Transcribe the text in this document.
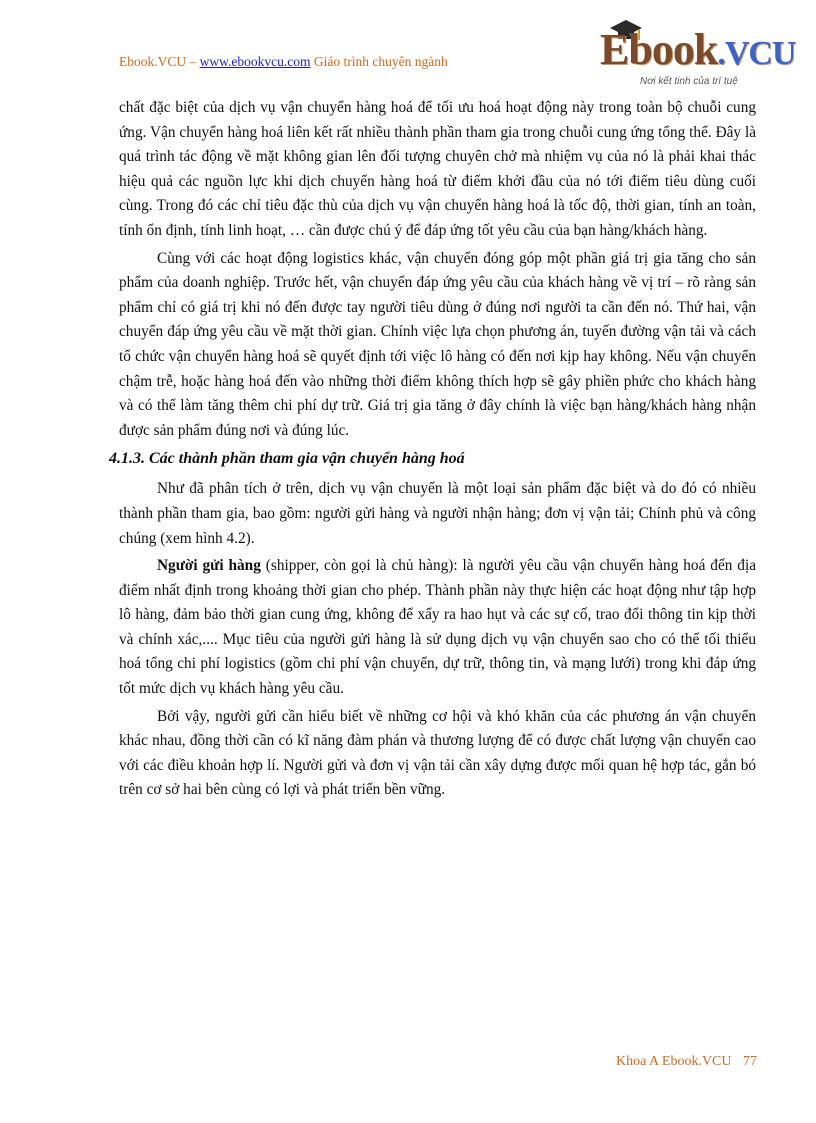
Ebook.VCU – www.ebookvcu.com Giáo trình chuyên ngành	Ebook.VCU
Nơi kết tinh của trí tuệ

chất đặc biệt của dịch vụ vận chuyển hàng hoá để tối ưu hoá hoạt động này trong toàn bộ chuỗi cung ứng. Vận chuyển hàng hoá liên kết rất nhiều thành phần tham gia trong chuỗi cung ứng tổng thể. Đây là quá trình tác động về mặt không gian lên đối tượng chuyên chở mà nhiệm vụ của nó là phải khai thác hiệu quả các nguồn lực khi dịch chuyển hàng hoá từ điểm khởi đầu của nó tới điểm tiêu dùng cuối cùng. Trong đó các chỉ tiêu đặc thù của dịch vụ vận chuyển hàng hoá là tốc độ, thời gian, tính an toàn, tính ổn định, tính linh hoạt, … cần được chú ý để đáp ứng tốt yêu cầu của bạn hàng/khách hàng.

Cùng với các hoạt động logistics khác, vận chuyển đóng góp một phần giá trị gia tăng cho sản phẩm của doanh nghiệp. Trước hết, vận chuyển đáp ứng yêu cầu của khách hàng về vị trí – rõ ràng sản phẩm chỉ có giá trị khi nó đến được tay người tiêu dùng ở đúng nơi người ta cần đến nó. Thứ hai, vận chuyển đáp ứng yêu cầu về mặt thời gian. Chính việc lựa chọn phương án, tuyến đường vận tải và cách tổ chức vận chuyển hàng hoá sẽ quyết định tới việc lô hàng có đến nơi kịp hay không. Nếu vận chuyển chậm trễ, hoặc hàng hoá đến vào những thời điểm không thích hợp sẽ gây phiền phức cho khách hàng và có thể làm tăng thêm chi phí dự trữ. Giá trị gia tăng ở đây chính là việc bạn hàng/khách hàng nhận được sản phẩm đúng nơi và đúng lúc.

4.1.3. Các thành phần tham gia vận chuyển hàng hoá

Như đã phân tích ở trên, dịch vụ vận chuyển là một loại sản phẩm đặc biệt và do đó có nhiều thành phần tham gia, bao gồm: người gửi hàng và người nhận hàng; đơn vị vận tải; Chính phủ và công chúng (xem hình 4.2).

Người gửi hàng (shipper, còn gọi là chủ hàng): là người yêu cầu vận chuyển hàng hoá đến địa điểm nhất định trong khoảng thời gian cho phép. Thành phần này thực hiện các hoạt động như tập hợp lô hàng, đảm bảo thời gian cung ứng, không để xẩy ra hao hụt và các sự cố, trao đổi thông tin kịp thời và chính xác,.... Mục tiêu của người gửi hàng là sử dụng dịch vụ vận chuyển sao cho có thể tối thiểu hoá tổng chi phí logistics (gồm chi phí vận chuyển, dự trữ, thông tin, và mạng lưới) trong khi đáp ứng tốt mức dịch vụ khách hàng yêu cầu.

Bởi vậy, người gửi cần hiểu biết về những cơ hội và khó khăn của các phương án vận chuyển khác nhau, đồng thời cần có kĩ năng đàm phán và thương lượng để có được chất lượng vận chuyển cao với các điều khoản hợp lí. Người gửi và đơn vị vận tải cần xây dựng được mối quan hệ hợp tác, gắn bó trên cơ sở hai bên cùng có lợi và phát triển bền vững.

Khoa A Ebook.VCU 77
